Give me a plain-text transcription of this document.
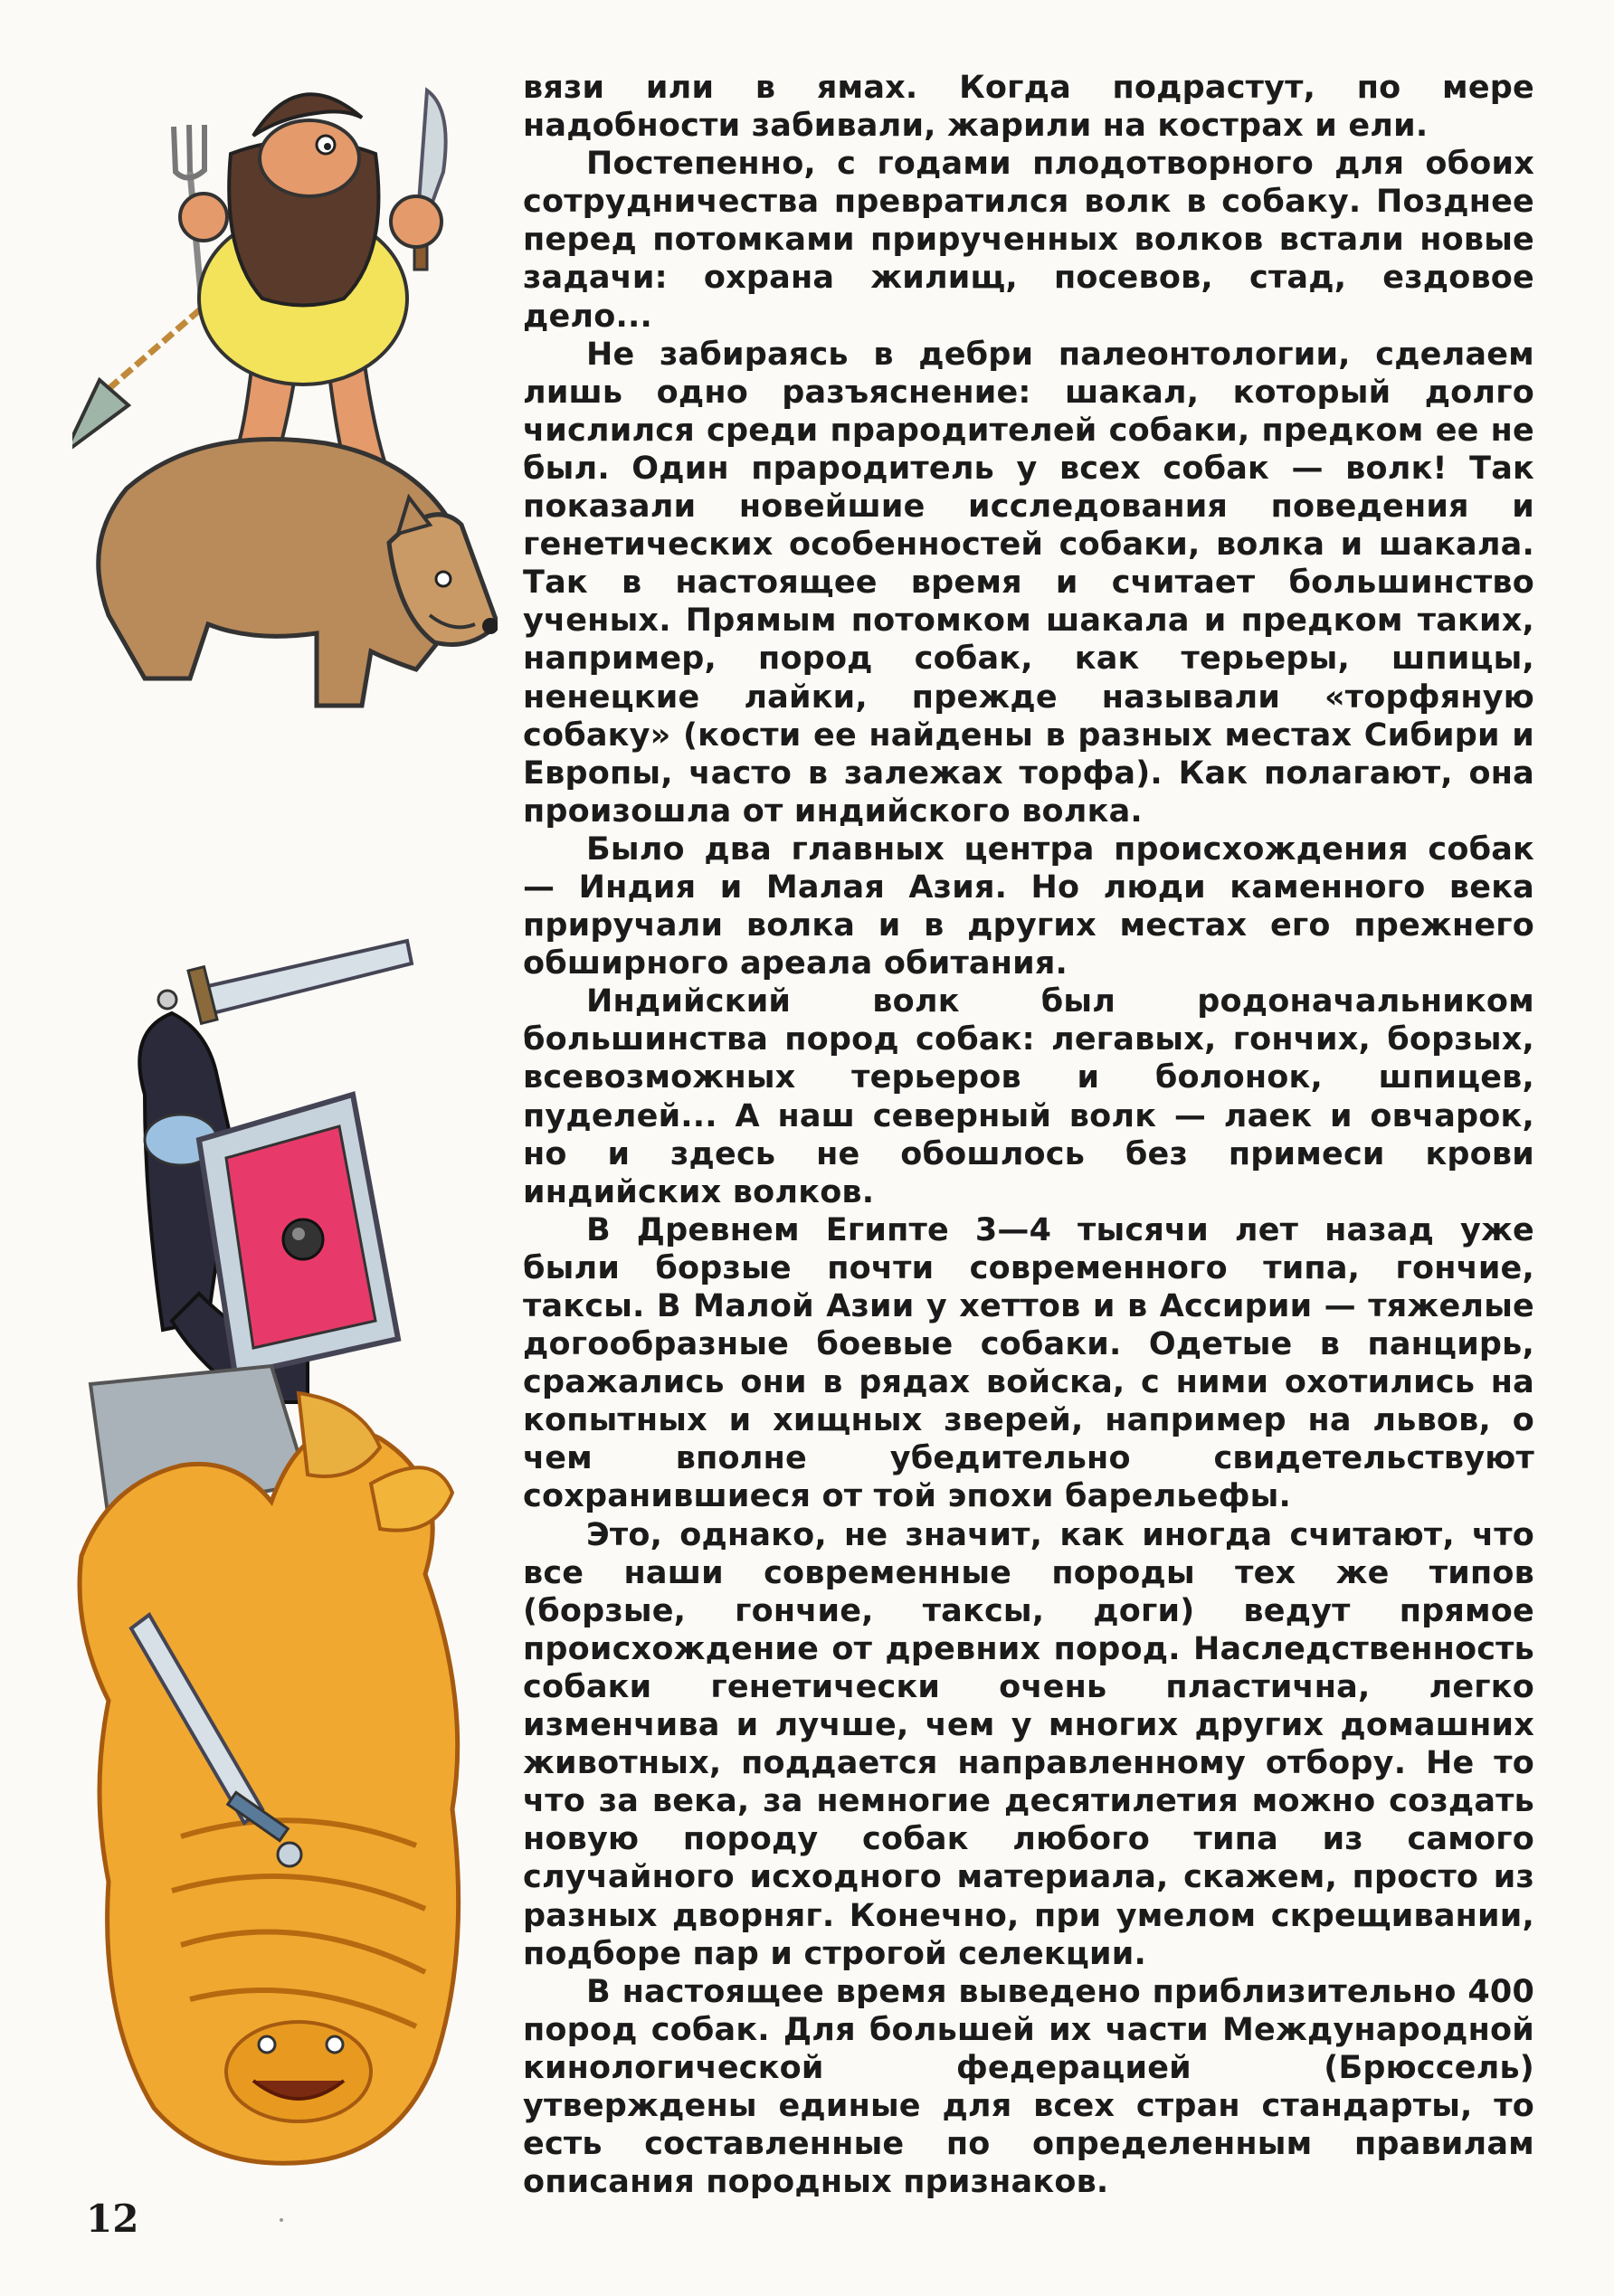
вязи или в ямах. Когда подрастут, по мере надобности забивали, жарили на кострах и ели.

Постепенно, с годами плодотворного для обоих сотрудничества превратился волк в собаку. Позднее перед потомками прирученных волков встали новые задачи: охрана жилищ, посевов, стад, ездовое дело...

Не забираясь в дебри палеонтологии, сделаем лишь одно разъяснение: шакал, который долго числился среди прародителей собаки, предком ее не был. Один прародитель у всех собак — волк! Так показали новейшие исследования поведения и генетических особенностей собаки, волка и шакала. Так в настоящее время и считает большинство ученых. Прямым потомком шакала и предком таких, например, пород собак, как терьеры, шпицы, ненецкие лайки, прежде называли «торфяную собаку» (кости ее найдены в разных местах Сибири и Европы, часто в залежах торфа). Как полагают, она произошла от индийского волка.

Было два главных центра происхождения собак — Индия и Малая Азия. Но люди каменного века приручали волка и в других местах его прежнего обширного ареала обитания.

Индийский волк был родоначальником большинства пород собак: легавых, гончих, борзых, всевозможных терьеров и болонок, шпицев, пуделей... А наш северный волк — лаек и овчарок, но и здесь не обошлось без примеси крови индийских волков.

В Древнем Египте 3—4 тысячи лет назад уже были борзые почти современного типа, гончие, таксы. В Малой Азии у хеттов и в Ассирии — тяжелые догообразные боевые собаки. Одетые в панцирь, сражались они в рядах войска, с ними охотились на копытных и хищных зверей, например на львов, о чем вполне убедительно свидетельствуют сохранившиеся от той эпохи барельефы.

Это, однако, не значит, как иногда считают, что все наши современные породы тех же типов (борзые, гончие, таксы, доги) ведут прямое происхождение от древних пород. Наследственность собаки генетически очень пластична, легко изменчива и лучше, чем у многих других домашних животных, поддается направленному отбору. Не то что за века, за немногие десятилетия можно создать новую породу собак любого типа из самого случайного исходного материала, скажем, просто из разных дворняг. Конечно, при умелом скрещивании, подборе пар и строгой селекции.

В настоящее время выведено приблизительно 400 пород собак. Для большей их части Международной кинологической федерацией (Брюссель) утверждены единые для всех стран стандарты, то есть составленные по определенным правилам описания породных признаков.

12
